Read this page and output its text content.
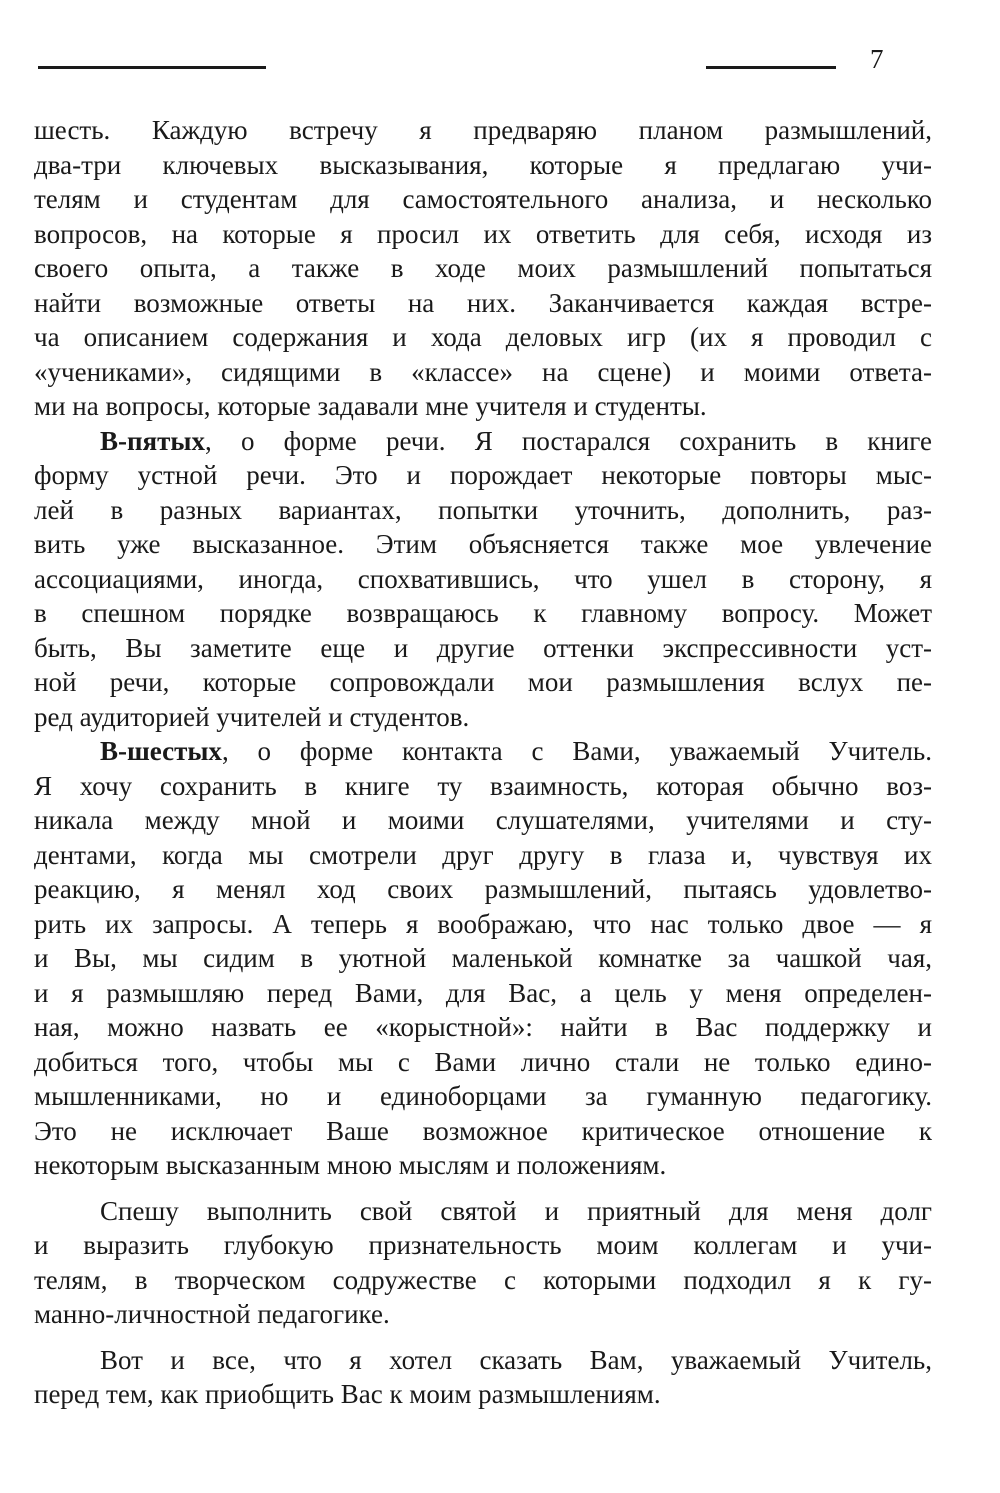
7
шесть. Каждую встречу я предваряю планом размышлений,
два-три ключевых высказывания, которые я предлагаю учи-
телям и студентам для самостоятельного анализа, и несколько
вопросов, на которые я просил их ответить для себя, исходя из
своего опыта, а также в ходе моих размышлений попытаться
найти возможные ответы на них. Заканчивается каждая встре-
ча описанием содержания и хода деловых игр (их я проводил с
«учениками», сидящими в «классе» на сцене) и моими ответа-
ми на вопросы, которые задавали мне учителя и студенты.
В-пятых, о форме речи. Я постарался сохранить в книге
форму устной речи. Это и порождает некоторые повторы мыс-
лей в разных вариантах, попытки уточнить, дополнить, раз-
вить уже высказанное. Этим объясняется также мое увлечение
ассоциациями, иногда, спохватившись, что ушел в сторону, я
в спешном порядке возвращаюсь к главному вопросу. Может
быть, Вы заметите еще и другие оттенки экспрессивности уст-
ной речи, которые сопровождали мои размышления вслух пе-
ред аудиторией учителей и студентов.
В-шестых, о форме контакта с Вами, уважаемый Учитель.
Я хочу сохранить в книге ту взаимность, которая обычно воз-
никала между мной и моими слушателями, учителями и сту-
дентами, когда мы смотрели друг другу в глаза и, чувствуя их
реакцию, я менял ход своих размышлений, пытаясь удовлетво-
рить их запросы. А теперь я воображаю, что нас только двое — я
и Вы, мы сидим в уютной маленькой комнатке за чашкой чая,
и я размышляю перед Вами, для Вас, а цель у меня определен-
ная, можно назвать ее «корыстной»: найти в Вас поддержку и
добиться того, чтобы мы с Вами лично стали не только едино-
мышленниками, но и единоборцами за гуманную педагогику.
Это не исключает Ваше возможное критическое отношение к
некоторым высказанным мною мыслям и положениям.
Спешу выполнить свой святой и приятный для меня долг
и выразить глубокую признательность моим коллегам и учи-
телям, в творческом содружестве с которыми подходил я к гу-
манно-личностной педагогике.
Вот и все, что я хотел сказать Вам, уважаемый Учитель,
перед тем, как приобщить Вас к моим размышлениям.
